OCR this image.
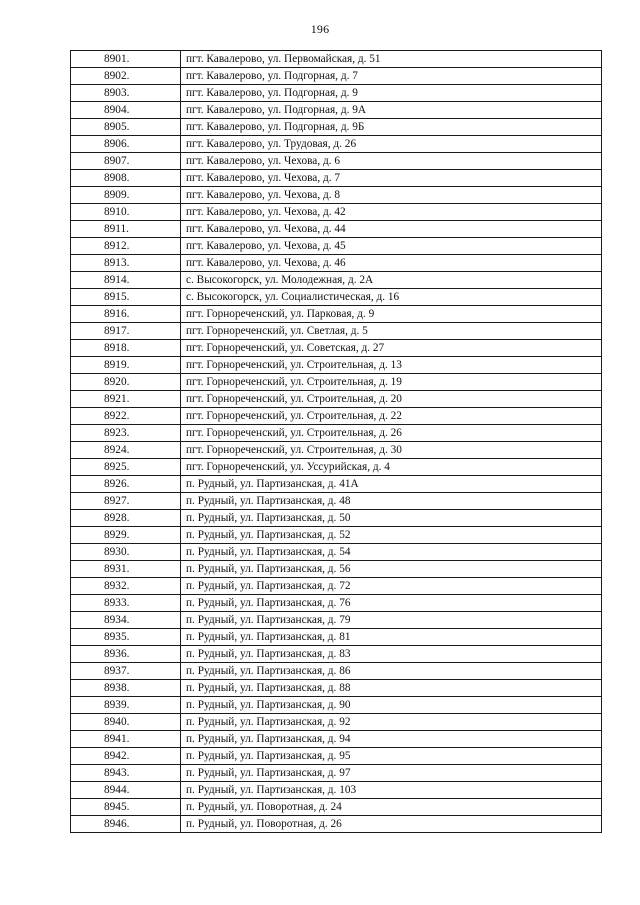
196
8901.	пгт. Кавалерово, ул. Первомайская, д. 51
8902.	пгт. Кавалерово, ул. Подгорная, д. 7
8903.	пгт. Кавалерово, ул. Подгорная, д. 9
8904.	пгт. Кавалерово, ул. Подгорная, д. 9А
8905.	пгт. Кавалерово, ул. Подгорная, д. 9Б
8906.	пгт. Кавалерово, ул. Трудовая, д. 26
8907.	пгт. Кавалерово, ул. Чехова, д. 6
8908.	пгт. Кавалерово, ул. Чехова, д. 7
8909.	пгт. Кавалерово, ул. Чехова, д. 8
8910.	пгт. Кавалерово, ул. Чехова, д. 42
8911.	пгт. Кавалерово, ул. Чехова, д. 44
8912.	пгт. Кавалерово, ул. Чехова, д. 45
8913.	пгт. Кавалерово, ул. Чехова, д. 46
8914.	с. Высокогорск, ул. Молодежная, д. 2А
8915.	с. Высокогорск, ул. Социалистическая, д. 16
8916.	пгт. Горнореченский, ул. Парковая, д. 9
8917.	пгт. Горнореченский, ул. Светлая, д. 5
8918.	пгт. Горнореченский, ул. Советская, д. 27
8919.	пгт. Горнореченский, ул. Строительная, д. 13
8920.	пгт. Горнореченский, ул. Строительная, д. 19
8921.	пгт. Горнореченский, ул. Строительная, д. 20
8922.	пгт. Горнореченский, ул. Строительная, д. 22
8923.	пгт. Горнореченский, ул. Строительная, д. 26
8924.	пгт. Горнореченский, ул. Строительная, д. 30
8925.	пгт. Горнореченский, ул. Уссурийская, д. 4
8926.	п. Рудный, ул. Партизанская, д. 41А
8927.	п. Рудный, ул. Партизанская, д. 48
8928.	п. Рудный, ул. Партизанская, д. 50
8929.	п. Рудный, ул. Партизанская, д. 52
8930.	п. Рудный, ул. Партизанская, д. 54
8931.	п. Рудный, ул. Партизанская, д. 56
8932.	п. Рудный, ул. Партизанская, д. 72
8933.	п. Рудный, ул. Партизанская, д. 76
8934.	п. Рудный, ул. Партизанская, д. 79
8935.	п. Рудный, ул. Партизанская, д. 81
8936.	п. Рудный, ул. Партизанская, д. 83
8937.	п. Рудный, ул. Партизанская, д. 86
8938.	п. Рудный, ул. Партизанская, д. 88
8939.	п. Рудный, ул. Партизанская, д. 90
8940.	п. Рудный, ул. Партизанская, д. 92
8941.	п. Рудный, ул. Партизанская, д. 94
8942.	п. Рудный, ул. Партизанская, д. 95
8943.	п. Рудный, ул. Партизанская, д. 97
8944.	п. Рудный, ул. Партизанская, д. 103
8945.	п. Рудный, ул. Поворотная, д. 24
8946.	п. Рудный, ул. Поворотная, д. 26
